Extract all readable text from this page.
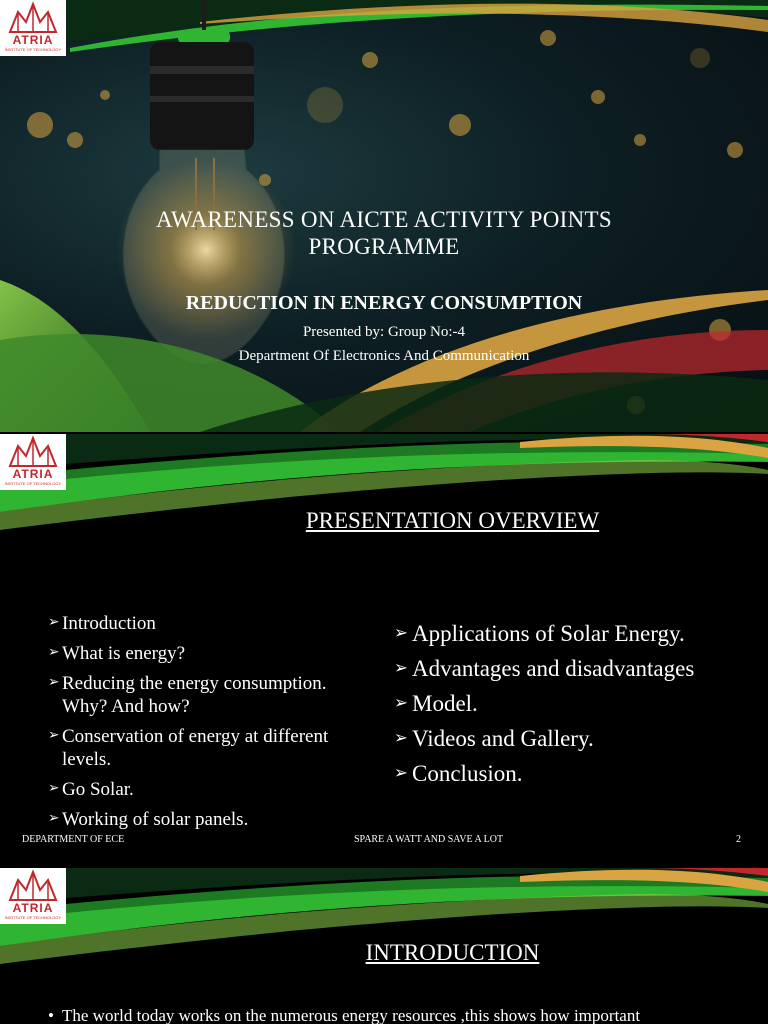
ATRIA
INSTITUTE OF TECHNOLOGY
AWARENESS ON AICTE ACTIVITY POINTS PROGRAMME
REDUCTION IN ENERGY CONSUMPTION
Presented by: Group No:-4
Department Of Electronics And Communication
ATRIA
INSTITUTE OF TECHNOLOGY
PRESENTATION OVERVIEW
➢ Introduction
➢ What is energy?
➢ Reducing the energy consumption. Why? And how?
➢ Conservation of energy at different levels.
➢ Go Solar.
➢ Working of solar panels.
➢ Applications of Solar Energy.
➢ Advantages and disadvantages
➢ Model.
➢ Videos and Gallery.
➢ Conclusion.
DEPARTMENT OF ECE	SPARE A WATT AND SAVE A LOT	2
ATRIA
INSTITUTE OF TECHNOLOGY
INTRODUCTION
• The world today works on the numerous energy resources ,this shows how important
